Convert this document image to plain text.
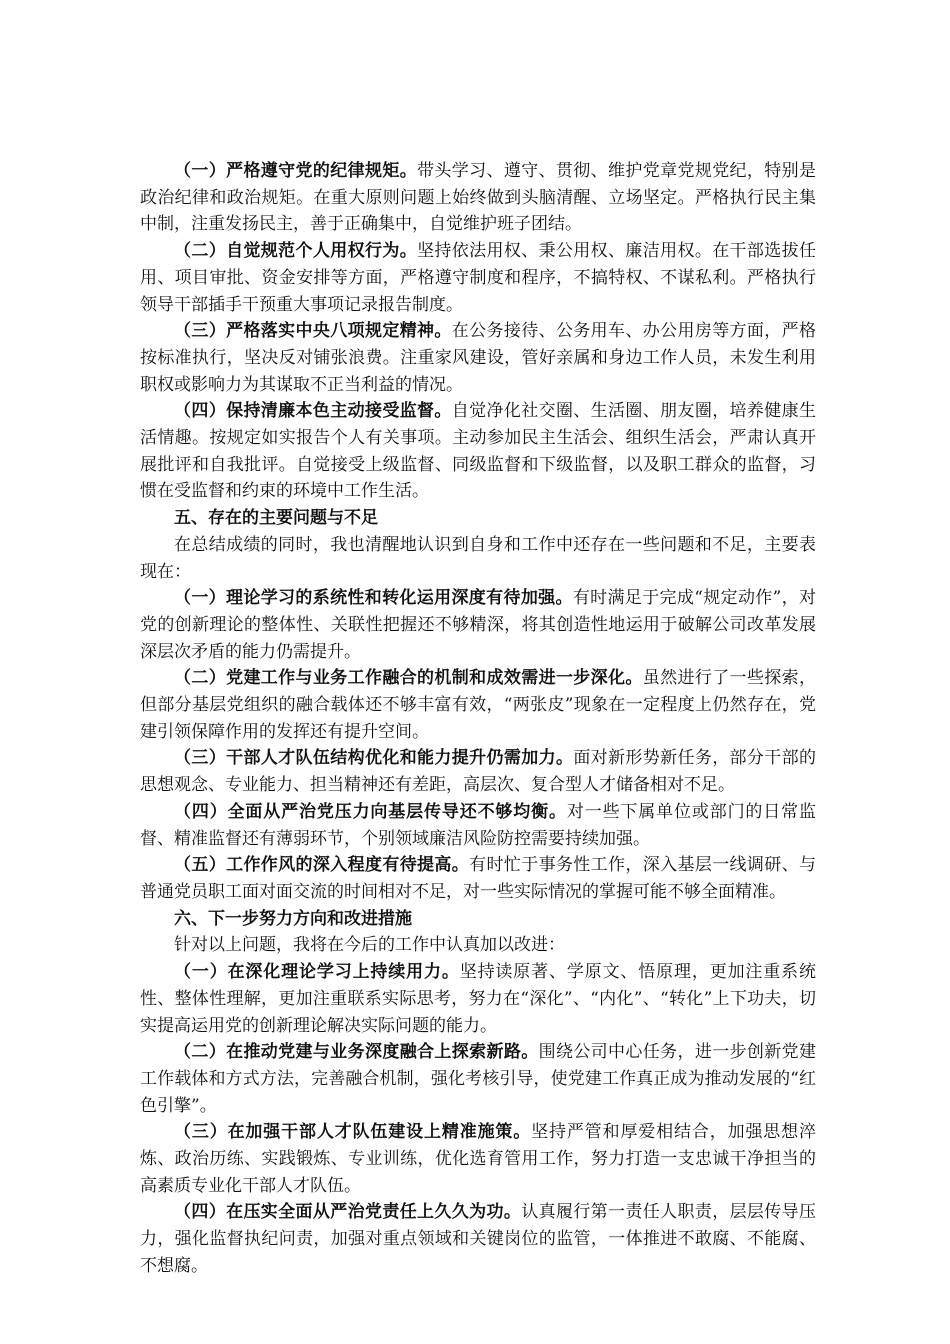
（一）严格遵守党的纪律规矩。带头学习、遵守、贯彻、维护党章党规党纪，特别是政治纪律和政治规矩。在重大原则问题上始终做到头脑清醒、立场坚定。严格执行民主集中制，注重发扬民主，善于正确集中，自觉维护班子团结。

（二）自觉规范个人用权行为。坚持依法用权、秉公用权、廉洁用权。在干部选拔任用、项目审批、资金安排等方面，严格遵守制度和程序，不搞特权、不谋私利。严格执行领导干部插手干预重大事项记录报告制度。

（三）严格落实中央八项规定精神。在公务接待、公务用车、办公用房等方面，严格按标准执行，坚决反对铺张浪费。注重家风建设，管好亲属和身边工作人员，未发生利用职权或影响力为其谋取不正当利益的情况。

（四）保持清廉本色主动接受监督。自觉净化社交圈、生活圈、朋友圈，培养健康生活情趣。按规定如实报告个人有关事项。主动参加民主生活会、组织生活会，严肃认真开展批评和自我批评。自觉接受上级监督、同级监督和下级监督，以及职工群众的监督，习惯在受监督和约束的环境中工作生活。

五、存在的主要问题与不足

在总结成绩的同时，我也清醒地认识到自身和工作中还存在一些问题和不足，主要表现在：

（一）理论学习的系统性和转化运用深度有待加强。有时满足于完成“规定动作”，对党的创新理论的整体性、关联性把握还不够精深，将其创造性地运用于破解公司改革发展深层次矛盾的能力仍需提升。

（二）党建工作与业务工作融合的机制和成效需进一步深化。虽然进行了一些探索，但部分基层党组织的融合载体还不够丰富有效，“两张皮”现象在一定程度上仍然存在，党建引领保障作用的发挥还有提升空间。

（三）干部人才队伍结构优化和能力提升仍需加力。面对新形势新任务，部分干部的思想观念、专业能力、担当精神还有差距，高层次、复合型人才储备相对不足。

（四）全面从严治党压力向基层传导还不够均衡。对一些下属单位或部门的日常监督、精准监督还有薄弱环节，个别领域廉洁风险防控需要持续加强。

（五）工作作风的深入程度有待提高。有时忙于事务性工作，深入基层一线调研、与普通党员职工面对面交流的时间相对不足，对一些实际情况的掌握可能不够全面精准。

六、下一步努力方向和改进措施

针对以上问题，我将在今后的工作中认真加以改进：

（一）在深化理论学习上持续用力。坚持读原著、学原文、悟原理，更加注重系统性、整体性理解，更加注重联系实际思考，努力在“深化”、“内化”、“转化”上下功夫，切实提高运用党的创新理论解决实际问题的能力。

（二）在推动党建与业务深度融合上探索新路。围绕公司中心任务，进一步创新党建工作载体和方式方法，完善融合机制，强化考核引导，使党建工作真正成为推动发展的“红色引擎”。

（三）在加强干部人才队伍建设上精准施策。坚持严管和厚爱相结合，加强思想淬炼、政治历练、实践锻炼、专业训练，优化选育管用工作，努力打造一支忠诚干净担当的高素质专业化干部人才队伍。

（四）在压实全面从严治党责任上久久为功。认真履行第一责任人职责，层层传导压力，强化监督执纪问责，加强对重点领域和关键岗位的监管，一体推进不敢腐、不能腐、不想腐。
